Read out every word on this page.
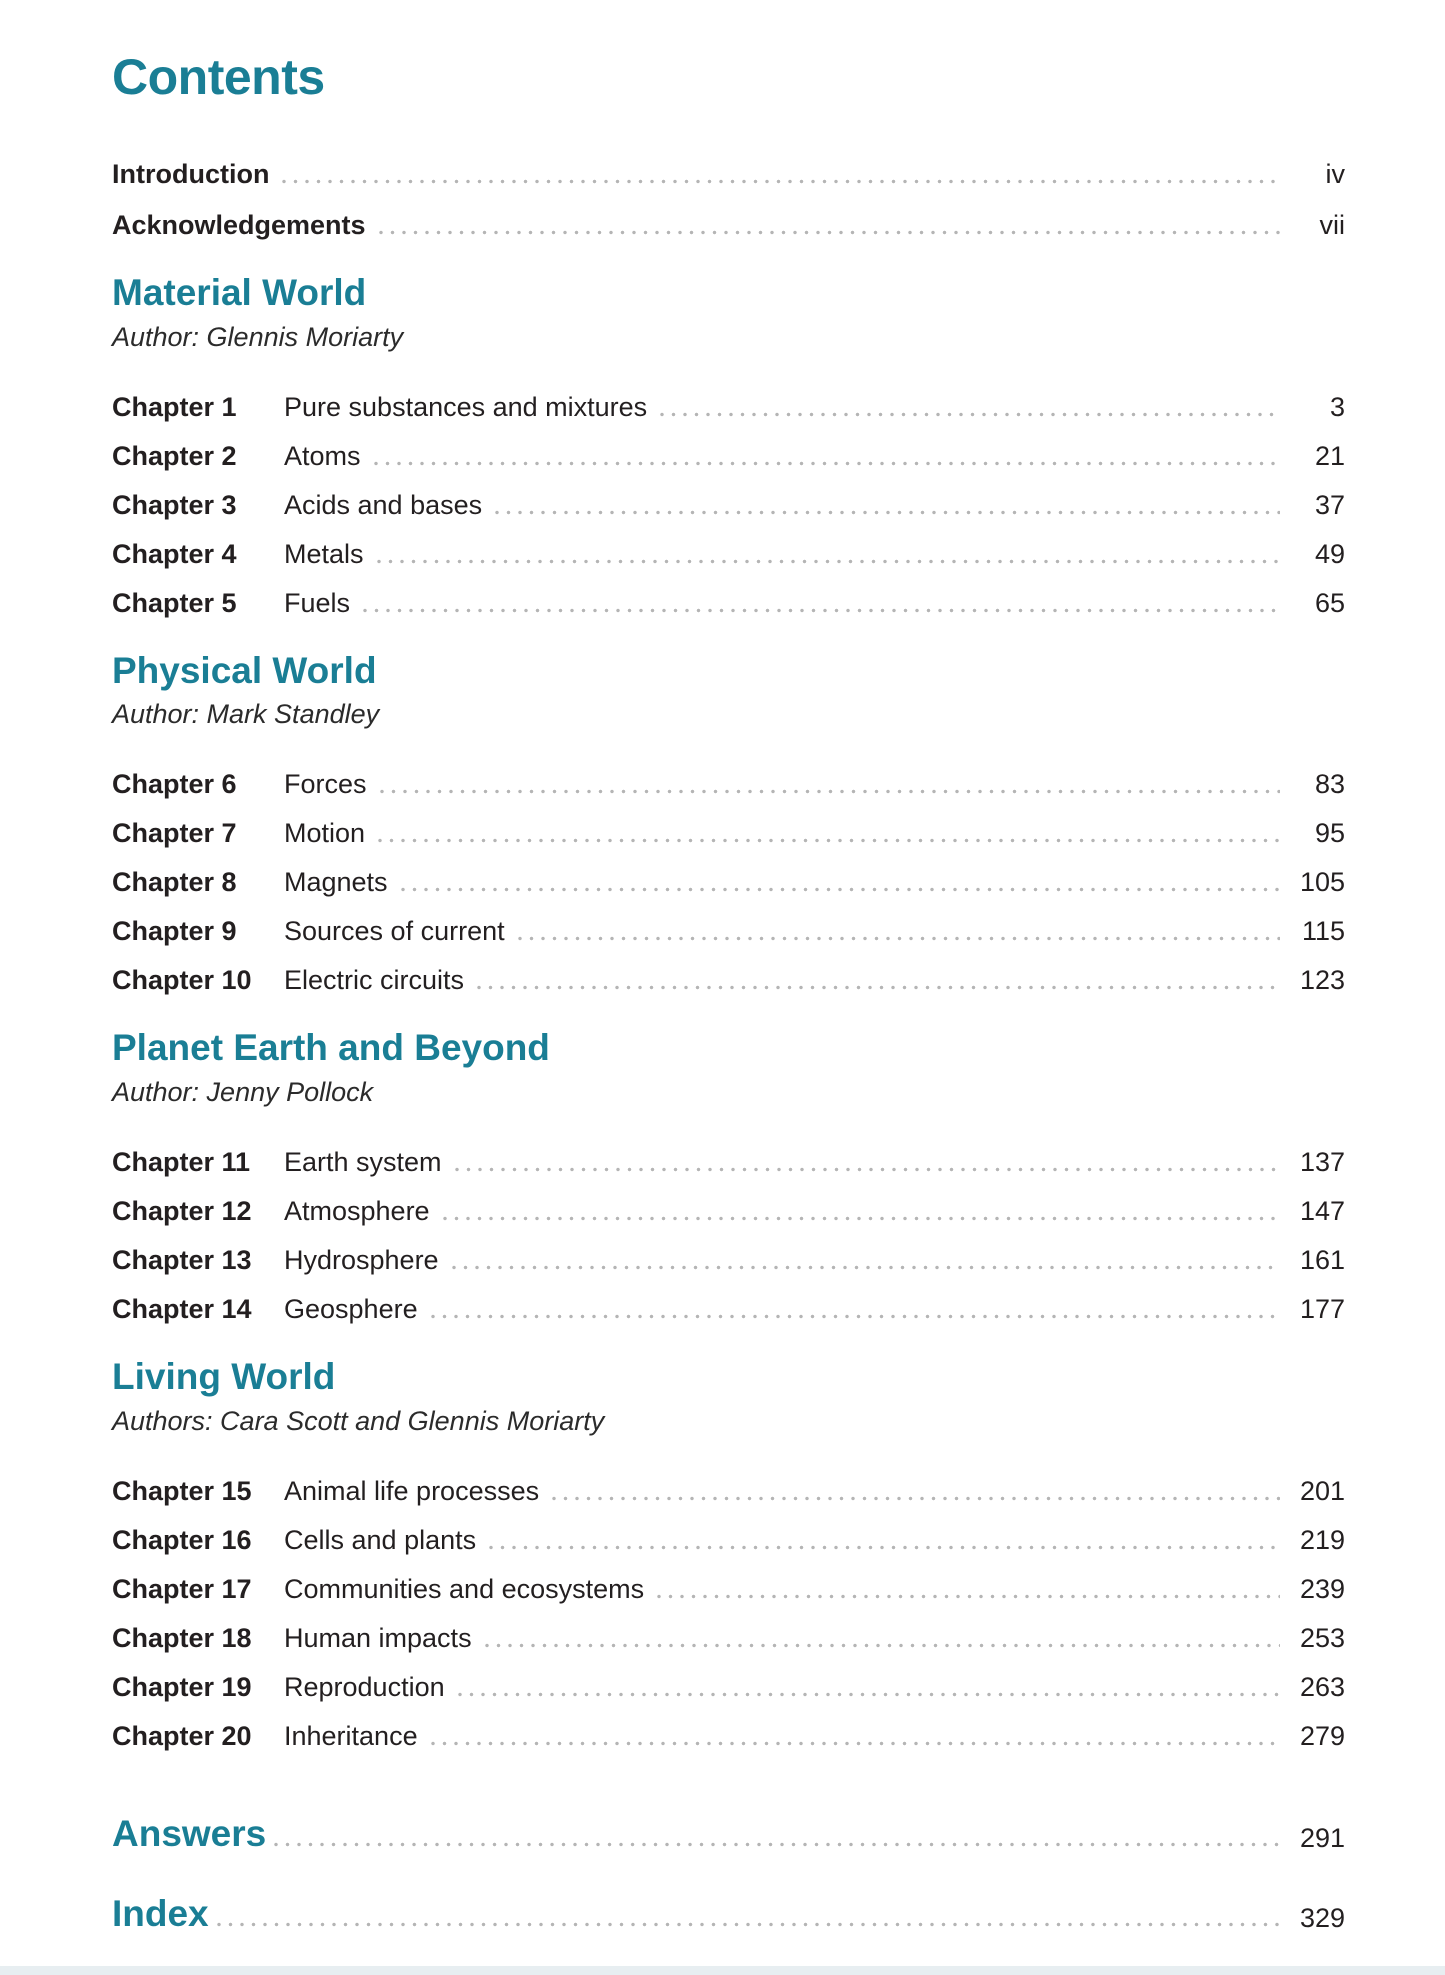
Contents
Introduction	iv
Acknowledgements	vii
Material World
Author: Glennis Moriarty
Chapter 1	Pure substances and mixtures	3
Chapter 2	Atoms	21
Chapter 3	Acids and bases	37
Chapter 4	Metals	49
Chapter 5	Fuels	65
Physical World
Author: Mark Standley
Chapter 6	Forces	83
Chapter 7	Motion	95
Chapter 8	Magnets	105
Chapter 9	Sources of current	115
Chapter 10	Electric circuits	123
Planet Earth and Beyond
Author: Jenny Pollock
Chapter 11	Earth system	137
Chapter 12	Atmosphere	147
Chapter 13	Hydrosphere	161
Chapter 14	Geosphere	177
Living World
Authors: Cara Scott and Glennis Moriarty
Chapter 15	Animal life processes	201
Chapter 16	Cells and plants	219
Chapter 17	Communities and ecosystems	239
Chapter 18	Human impacts	253
Chapter 19	Reproduction	263
Chapter 20	Inheritance	279
Answers	291
Index	329
